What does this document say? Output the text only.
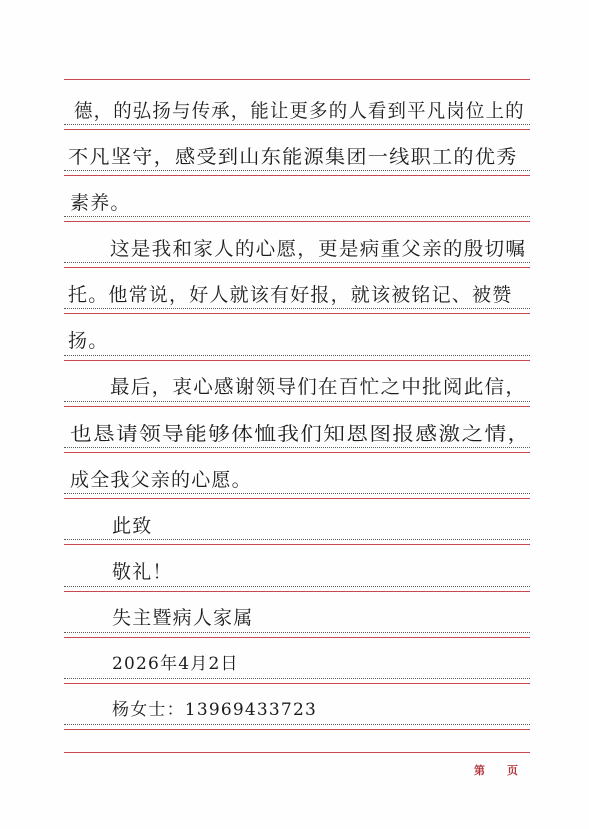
德，的弘扬与传承，能让更多的人看到平凡岗位上的
不凡坚守，感受到山东能源集团一线职工的优秀
素养。
这是我和家人的心愿，更是病重父亲的殷切嘱
托。他常说，好人就该有好报，就该被铭记、被赞
扬。
最后，衷心感谢领导们在百忙之中批阅此信，
也恳请领导能够体恤我们知恩图报感激之情，
成全我父亲的心愿。
此致
敬礼！
失主暨病人家属
2026年4月2日
杨女士：13969433723
第 页
